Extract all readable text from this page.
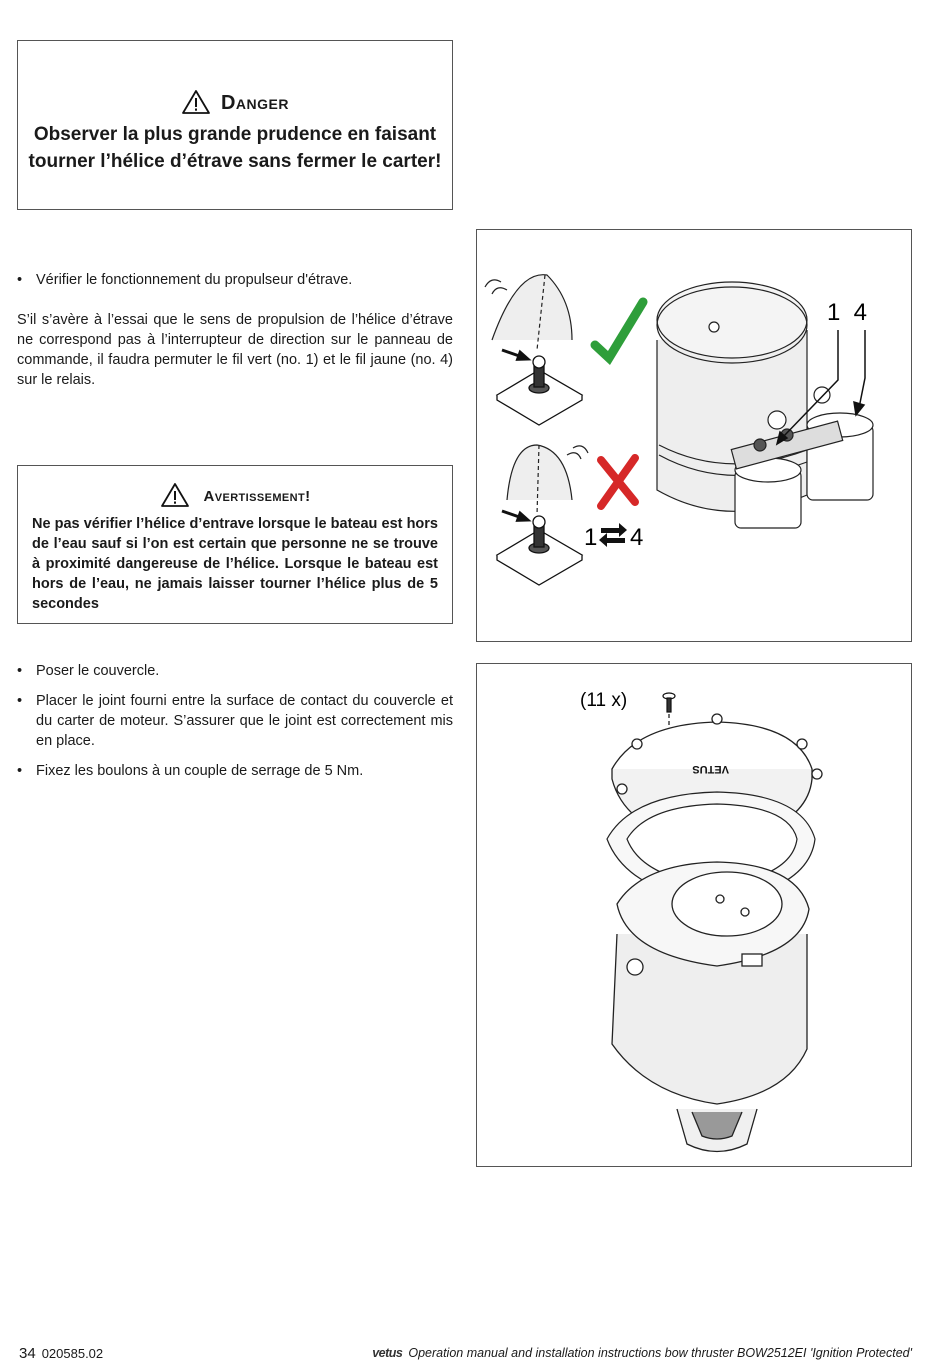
Danger
Observer la plus grande prudence en faisant tourner l’hélice d’étrave sans fermer le carter!
• Vérifier le fonctionnement du propulseur d'étrave.
S’il s’avère à l’essai que le sens de propulsion de l’hélice d’étrave ne correspond pas à l’interrupteur de direction sur le panneau de commande, il faudra permuter le fil vert (no. 1) et le fil jaune (no. 4) sur le relais.
Avertissement!
Ne pas vérifier l’hélice d’entrave lorsque le bateau est hors de l’eau sauf si l’on est certain que personne ne se trouve à proximité dangereuse de l’hélice. Lorsque le bateau est hors de l’eau, ne jamais laisser tourner l’hélice plus de 5 secondes
• Poser le couvercle.
• Placer le joint fourni entre la surface de contact du couvercle et du carter de moteur. S’assurer que le joint est correctement mis en place.
• Fixez les boulons à un couple de serrage de 5 Nm.
1 4
1  4
(11 x)
VETUS
34 020585.02	vetus Operation manual and installation instructions bow thruster BOW2512EI 'Ignition Protected'
